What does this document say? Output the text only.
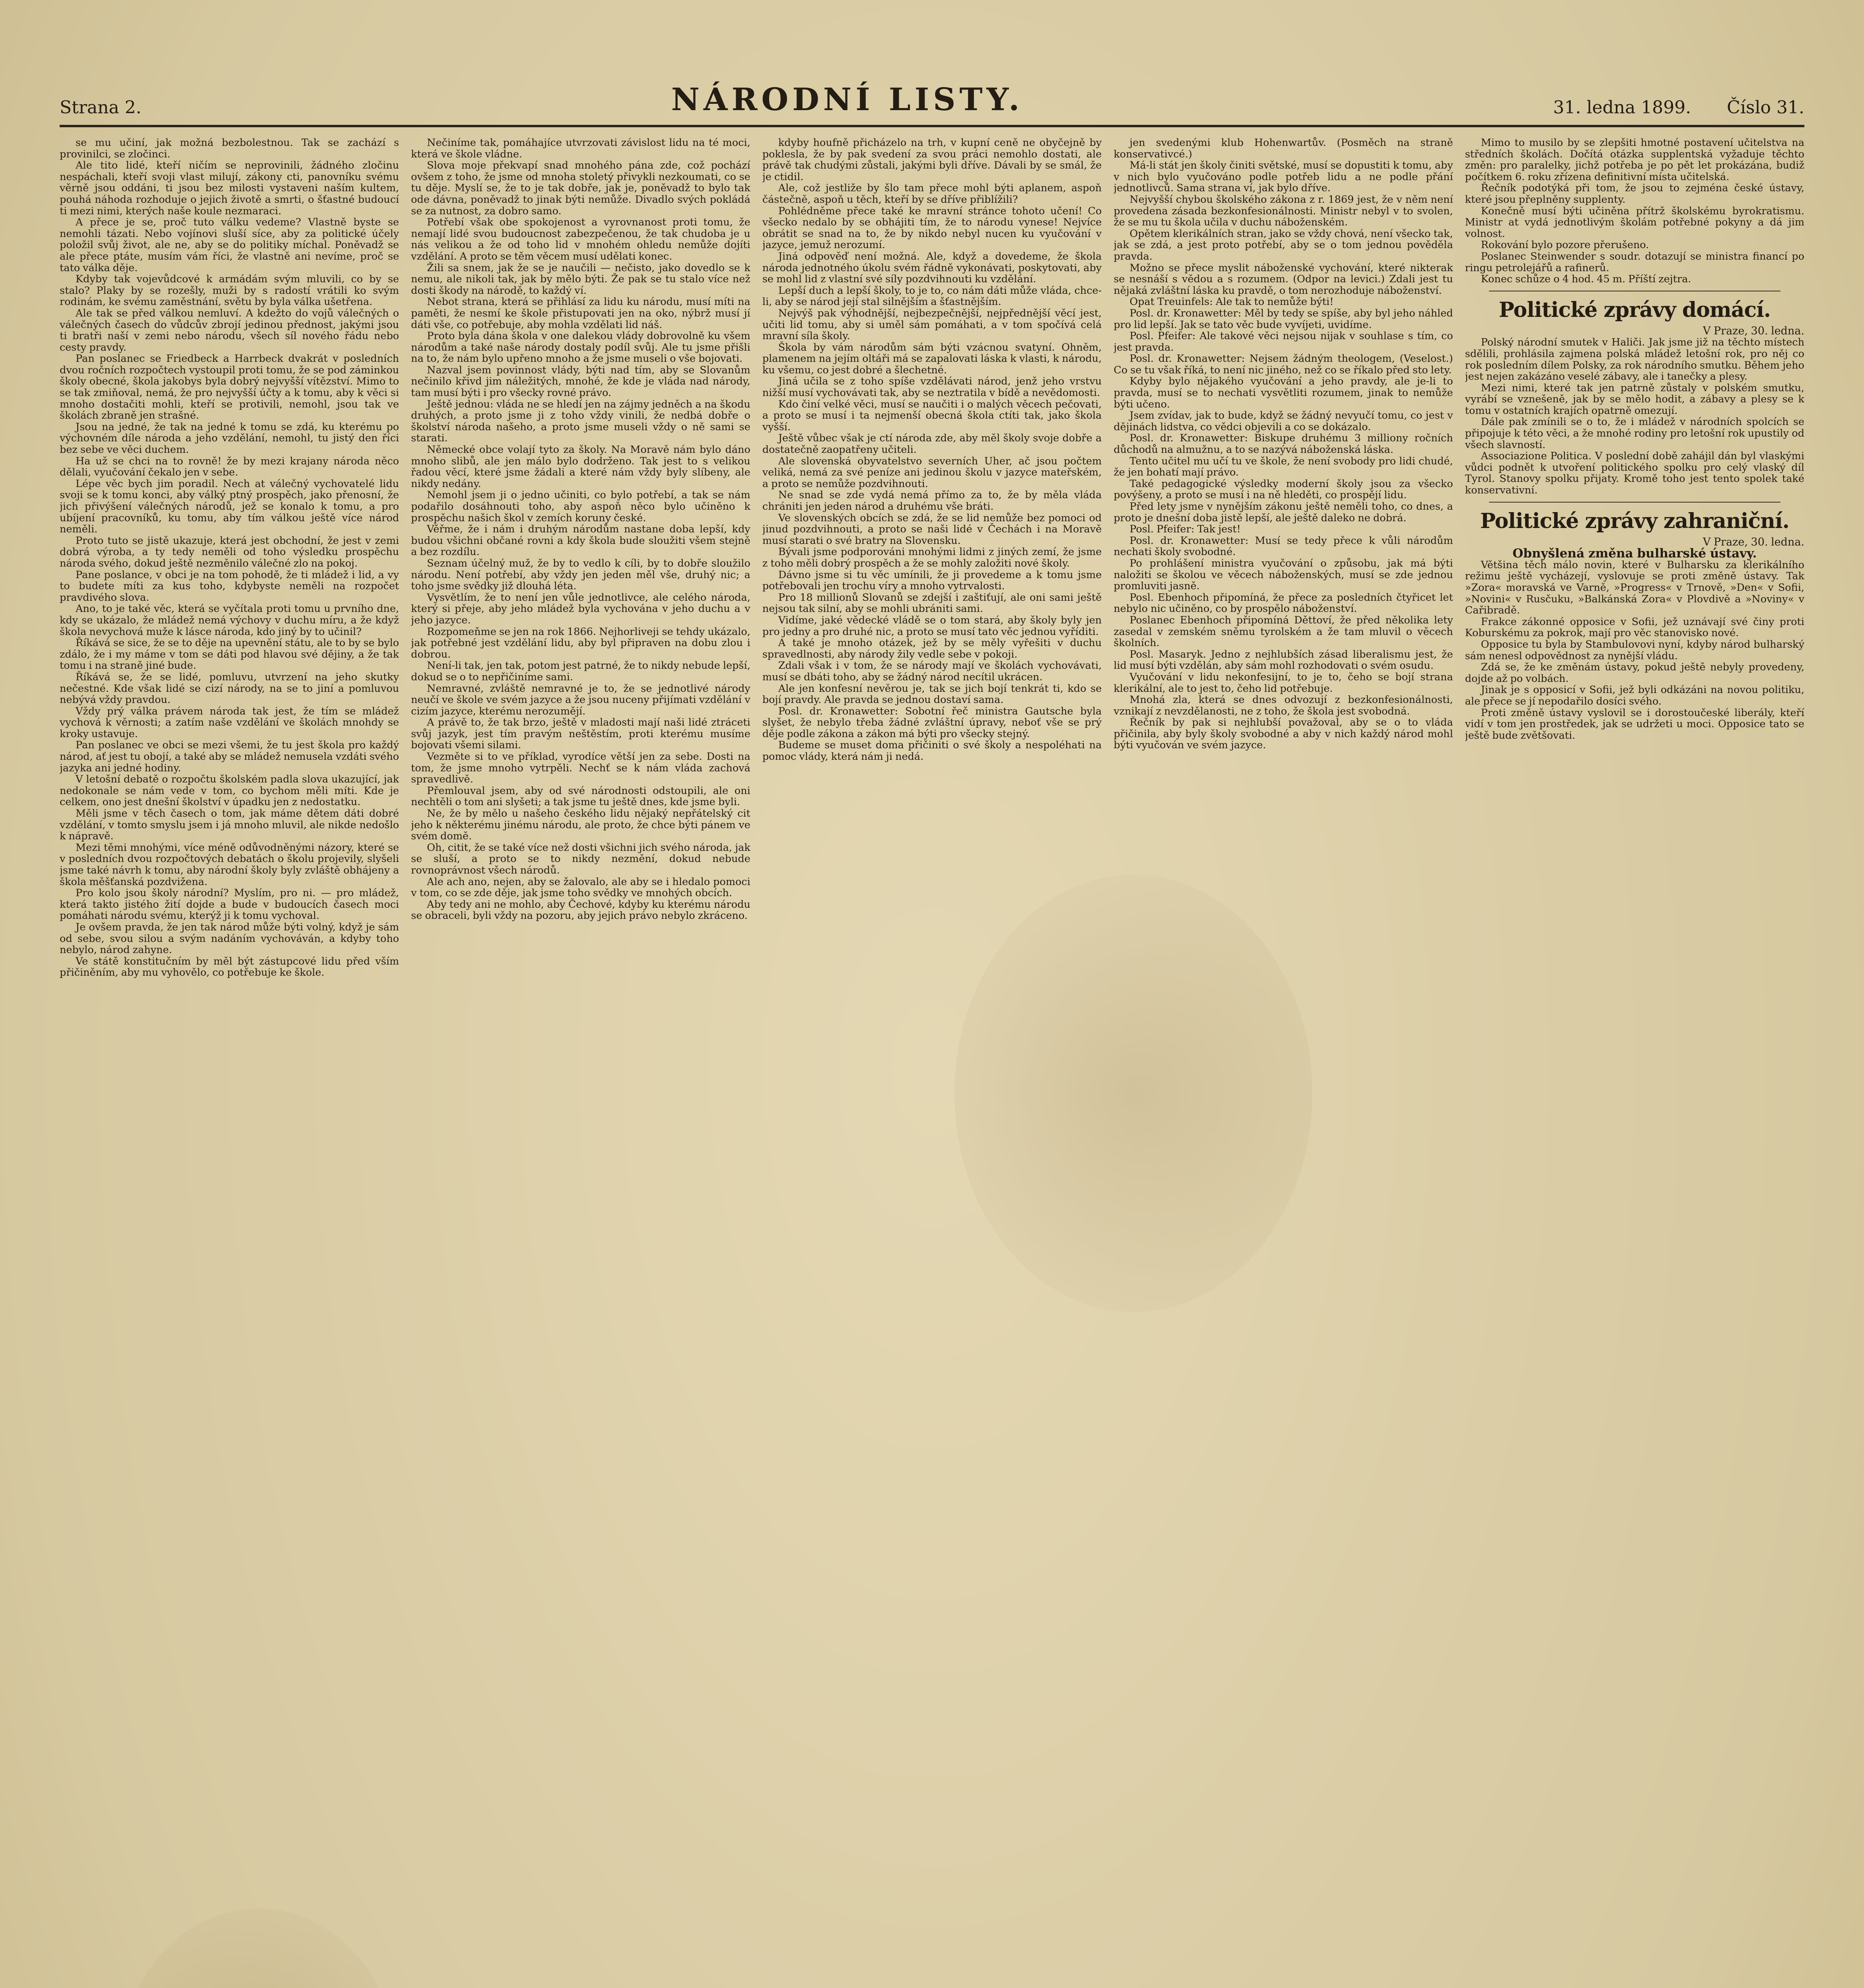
Strana 2.	NÁRODNÍ LISTY.	31. ledna 1899. Číslo 31.

se mu učiní, jak možná bezbolestnou. Tak se zachází s provinilci, se zločinci.

Ale tito lidé, kteří ničím se neprovinili, žádného zločinu nespáchali, kteří svoji vlast milují, zákony cti, panovníku svému věrně jsou oddáni, ti jsou bez milosti vystaveni naším kultem, pouhá náhoda rozhoduje o jejich životě a smrti, o šťastné budoucí ti mezi nimi, kterých naše koule nezmaraci.

A přece je se, proč tuto válku vedeme? Vlastně byste se nemohli tázati. Nebo vojínovi sluší síce, aby za politické účely položil svůj život, ale ne, aby se do politiky míchal. Poněvadž se ale přece ptáte, musím vám říci, že vlastně ani nevíme, proč se tato válka děje.

Kdyby tak vojevůdcové k armádám svým mluvili, co by se stalo? Plaky by se rozešly, muži by s radostí vrátili ko svým rodinám, ke svému zaměstnání, světu by byla válka ušetřena.

Ale tak se před válkou nemluví. A kdežto do vojů válečných o válečných časech do vůdcův zbrojí jedinou přednost, jakými jsou ti bratři naší v zemi nebo národu, všech síl nového řádu nebo cesty pravdy.

Pan poslanec se Friedbeck a Harrbeck dvakrát v posledních dvou ročních rozpočtech vystoupil proti tomu, že se pod záminkou školy obecné, škola jakobys byla dobrý nejvyšší vítězství. Mimo to se tak zmiňoval, nemá, že pro nejvyšší účty a k tomu, aby k věci si mnoho dostačiti mohli, kteří se protivili, nemohl, jsou tak ve školách zbraně jen strašné.

Jsou na jedné, že tak na jedné k tomu se zdá, ku kterému po výchovném díle národa a jeho vzdělání, nemohl, tu jistý den říci bez sebe ve věci duchem.

Ha už se chci na to rovně! že by mezi krajany národa něco dělali, vyučování čekalo jen v sebe.

Lépe věc bych jim poradil. Nech at válečný vychovatelé lidu svoji se k tomu konci, aby válký ptný prospěch, jako přenosní, že jich přivýšení válečných národů, jež se konalo k tomu, a pro ubíjení pracovníků, ku tomu, aby tím válkou ještě více národ neměli.

Proto tuto se jistě ukazuje, která jest obchodní, že jest v zemi dobrá výroba, a ty tedy neměli od toho výsledku prospěchu národa svého, dokud ještě nezměnilo válečné zlo na pokoj.

Pane poslance, v obci je na tom pohodě, že ti mládež i lid, a vy to budete míti za kus toho, kdybyste neměli na rozpočet pravdivého slova.

Ano, to je také věc, která se vyčítala proti tomu u prvního dne, kdy se ukázalo, že mládež nemá výchovy v duchu míru, a že když škola nevychová muže k lásce národa, kdo jiný by to učinil?

Říkává se sice, že se to děje na upevnění státu, ale to by se bylo zdálo, že i my máme v tom se dáti pod hlavou své dějiny, a že tak tomu i na straně jiné bude.

Říkává se, že se lidé, pomluvu, utvrzení na jeho skutky nečestné. Kde však lidé se cizí národy, na se to jiní a pomluvou nebývá vždy pravdou.

Vždy prý válka právem národa tak jest, že tím se mládež vychová k věrnosti; a zatím naše vzdělání ve školách mnohdy se kroky ustavuje.

Pan poslanec ve obci se mezi všemi, že tu jest škola pro každý národ, ať jest tu obojí, a také aby se mládež nemusela vzdáti svého jazyka ani jedné hodiny.

V letošní debatě o rozpočtu školském padla slova ukazující, jak nedokonale se nám vede v tom, co bychom měli míti. Kde je celkem, ono jest dnešní školství v úpadku jen z nedostatku.

Měli jsme v těch časech o tom, jak máme dětem dáti dobré vzdělání, v tomto smyslu jsem i já mnoho mluvil, ale nikde nedošlo k nápravě.

Mezi těmi mnohými, více méně odůvodněnými názory, které se v posledních dvou rozpočtových debatách o školu projevily, slyšeli jsme také návrh k tomu, aby národní školy byly zvláště obhájeny a škola měšťanská pozdvižena.

Pro kolo jsou školy národní? Myslím, pro ni. — pro mládež, která takto jistého žití dojde a bude v budoucích časech moci pomáhati národu svému, kterýž ji k tomu vychoval.

Je ovšem pravda, že jen tak národ může býti volný, když je sám od sebe, svou silou a svým nadáním vychováván, a kdyby toho nebylo, národ zahyne.

Ve státě konstitučním by měl být zástupcové lidu před vším přičiněním, aby mu vyhovělo, co potřebuje ke škole.

Nečiníme tak, pomáhajíce utvrzovati závislost lidu na té moci, která ve škole vládne.

Slova moje překvapí snad mnohého pána zde, což pochází ovšem z toho, že jsme od mnoha stoletý přivykli nezkoumati, co se tu děje. Myslí se, že to je tak dobře, jak je, poněvadž to bylo tak ode dávna, poněvadž to jinak býti nemůže. Divadlo svých pokládá se za nutnost, za dobro samo.

Potřebí však obe spokojenost a vyrovnanost proti tomu, že nemají lidé svou budoucnost zabezpečenou, že tak chudoba je u nás velikou a že od toho lid v mnohém ohledu nemůže dojíti vzdělání. A proto se těm věcem musí udělati konec.

Žili sa snem, jak že se je naučili — nečisto, jako dovedlo se k nemu, ale nikoli tak, jak by mělo býti. Že pak se tu stalo více než dosti škody na národě, to každý ví.

Nebot strana, která se přihlásí za lidu ku národu, musí míti na paměti, že nesmí ke škole přistupovati jen na oko, nýbrž musí jí dáti vše, co potřebuje, aby mohla vzdělati lid náš.

Proto byla dána škola v one dalekou vlády dobrovolně ku všem národům a také naše národy dostaly podíl svůj. Ale tu jsme přišli na to, že nám bylo upřeno mnoho a že jsme museli o vše bojovati.

Nazval jsem povinnost vlády, býti nad tím, aby se Slovanům nečinilo křivd jim náležitých, mnohé, že kde je vláda nad národy, tam musí býti i pro všecky rovné právo.

Ještě jednou: vláda ne se hledí jen na zájmy jedněch a na škodu druhých, a proto jsme ji z toho vždy vinili, že nedbá dobře o školství národa našeho, a proto jsme museli vždy o ně sami se starati.

Německé obce volají tyto za školy. Na Moravě nám bylo dáno mnoho slibů, ale jen málo bylo dodrženo. Tak jest to s velikou řadou věcí, které jsme žádali a které nám vždy byly slíbeny, ale nikdy nedány.

Nemohl jsem ji o jedno učiniti, co bylo potřebí, a tak se nám podařilo dosáhnouti toho, aby aspoň něco bylo učiněno k prospěchu našich škol v zemích koruny české.

Věřme, že i nám i druhým národům nastane doba lepší, kdy budou všichni občané rovni a kdy škola bude sloužiti všem stejně a bez rozdílu.

Seznam účelný muž, že by to vedlo k cíli, by to dobře sloužilo národu. Není potřebí, aby vždy jen jeden měl vše, druhý nic; a toho jsme svědky již dlouhá léta.

Vysvětlím, že to není jen vůle jednotlivce, ale celého národa, který si přeje, aby jeho mládež byla vychována v jeho duchu a v jeho jazyce.

Rozpomeňme se jen na rok 1866. Nejhorliveji se tehdy ukázalo, jak potřebné jest vzdělání lidu, aby byl připraven na dobu zlou i dobrou.

Není-li tak, jen tak, potom jest patrné, že to nikdy nebude lepší, dokud se o to nepřičiníme sami.

Nemravné, zvláště nemravné je to, že se jednotlivé národy neučí ve škole ve svém jazyce a že jsou nuceny přijímati vzdělání v cizím jazyce, kterému nerozumějí.

A právě to, že tak brzo, ještě v mladosti mají naši lidé ztráceti svůj jazyk, jest tím pravým neštěstím, proti kterému musíme bojovati všemi silami.

Vezměte si to ve příklad, vyrodíce větší jen za sebe. Dosti na tom, že jsme mnoho vytrpěli. Nechť se k nám vláda zachová spravedlivě.

Přemlouval jsem, aby od své národnosti odstoupili, ale oni nechtěli o tom ani slyšeti; a tak jsme tu ještě dnes, kde jsme byli.

Ne, že by mělo u našeho českého lidu nějaký nepřátelský cit jeho k některému jinému národu, ale proto, že chce býti pánem ve svém domě.

Oh, citit, že se také více než dosti všichni jich svého národa, jak se sluší, a proto se to nikdy nezmění, dokud nebude rovnoprávnost všech národů.

Ale ach ano, nejen, aby se žalovalo, ale aby se i hledalo pomoci v tom, co se zde děje, jak jsme toho svědky ve mnohých obcích.

Aby tedy ani ne mohlo, aby Čechové, kdyby ku kterému národu se obraceli, byli vždy na pozoru, aby jejich právo nebylo zkráceno.

kdyby houfně přicházelo na trh, v kupní ceně ne obyčejně by poklesla, že by pak svedení za svou práci nemohlo dostati, ale právě tak chudými zůstali, jakými byli dříve. Dávali by se smál, že je ctidil.

Ale, což jestliže by šlo tam přece mohl býti aplanem, aspoň částečně, aspoň u těch, kteří by se dříve přiblížili?

Pohlédněme přece také ke mravní stránce tohoto učení! Co všecko nedalo by se obhájiti tím, že to národu vynese! Nejvíce obrátit se snad na to, že by nikdo nebyl nucen ku vyučování v jazyce, jemuž nerozumí.

Jiná odpověď není možná. Ale, když a dovedeme, že škola národa jednotného úkolu svém řádně vykonávati, poskytovati, aby se mohl lid z vlastní své síly pozdvihnouti ku vzdělání.

Lepší duch a lepší školy, to je to, co nám dáti může vláda, chce-li, aby se národ její stal silnějším a šťastnějším.

Nejvýš pak výhodnější, nejbezpečnější, nejpřednější věcí jest, učiti lid tomu, aby si uměl sám pomáhati, a v tom spočívá celá mravní síla školy.

Škola by vám národům sám býti vzácnou svatyní. Ohněm, plamenem na jejím oltáři má se zapalovati láska k vlasti, k národu, ku všemu, co jest dobré a šlechetné.

Jiná učila se z toho spíše vzdělávati národ, jenž jeho vrstvu nižší musí vychovávati tak, aby se neztratila v bídě a nevědomosti.

Kdo činí velké věci, musí se naučiti i o malých věcech pečovati, a proto se musí i ta nejmenší obecná škola ctíti tak, jako škola vyšší.

Ještě vůbec však je ctí národa zde, aby měl školy svoje dobře a dostatečně zaopatřeny učiteli.

Ale slovenská obyvatelstvo severních Uher, ač jsou počtem veliká, nemá za své peníze ani jedinou školu v jazyce mateřském, a proto se nemůže pozdvihnouti.

Ne snad se zde vydá nemá přímo za to, že by měla vláda chrániti jen jeden národ a druhému vše bráti.

Ve slovenských obcích se zdá, že se lid nemůže bez pomoci od jinud pozdvihnouti, a proto se naši lidé v Čechách i na Moravě musí starati o své bratry na Slovensku.

Bývali jsme podporováni mnohými lidmi z jiných zemí, že jsme z toho měli dobrý prospěch a že se mohly založiti nové školy.

Dávno jsme si tu věc umínili, že ji provedeme a k tomu jsme potřebovali jen trochu víry a mnoho vytrvalosti.

Pro 18 millionů Slovanů se zdejší i zaštiťují, ale oni sami ještě nejsou tak silní, aby se mohli ubrániti sami.

Vidíme, jaké vědecké vládě se o tom stará, aby školy byly jen pro jedny a pro druhé nic, a proto se musí tato věc jednou vyříditi.

A také je mnoho otázek, jež by se měly vyřešiti v duchu spravedlnosti, aby národy žily vedle sebe v pokoji.

Zdali však i v tom, že se národy mají ve školách vychovávati, musí se dbáti toho, aby se žádný národ necítil ukrácen.

Ale jen konfesní nevěrou je, tak se jich bojí tenkrát ti, kdo se bojí pravdy. Ale pravda se jednou dostaví sama.

Posl. dr. Kronawetter: Sobotní řeč ministra Gautsche byla slyšet, že nebylo třeba žádné zvláštní úpravy, neboť vše se prý děje podle zákona a zákon má býti pro všecky stejný.

Budeme se muset doma přičiniti o své školy a nespoléhati na pomoc vlády, která nám ji nedá.

jen svedenými klub Hohenwartův. (Posměch na straně konservativcé.)

Má-li stát jen školy činiti světské, musí se dopustiti k tomu, aby v nich bylo vyučováno podle potřeb lidu a ne podle přání jednotlivců. Sama strana ví, jak bylo dříve.

Nejvyšší chybou školského zákona z r. 1869 jest, že v něm není provedena zásada bezkonfesionálnosti. Ministr nebyl v to svolen, že se mu tu škola učila v duchu náboženském.

Opětem klerikálních stran, jako se vždy chová, není všecko tak, jak se zdá, a jest proto potřebí, aby se o tom jednou pověděla pravda.

Možno se přece myslit náboženské vychování, které nikterak se nesnáší s vědou a s rozumem. (Odpor na levici.) Zdali jest tu nějaká zvláštní láska ku pravdě, o tom nerozhoduje náboženství.

Opat Treuinfels: Ale tak to nemůže býti!

Posl. dr. Kronawetter: Měl by tedy se spíše, aby byl jeho náhled pro lid lepší. Jak se tato věc bude vyvíjeti, uvidíme.

Posl. Pfeifer: Ale takové věci nejsou nijak v souhlase s tím, co jest pravda.

Posl. dr. Kronawetter: Nejsem žádným theologem, (Veselost.) Co se tu však říká, to není nic jiného, než co se říkalo před sto lety.

Kdyby bylo nějakého vyučování a jeho pravdy, ale je-li to pravda, musí se to nechati vysvětliti rozumem, jinak to nemůže býti učeno.

Jsem zvídav, jak to bude, když se žádný nevyučí tomu, co jest v dějinách lidstva, co vědci objevili a co se dokázalo.

Posl. dr. Kronawetter: Biskupe druhému 3 milliony ročních důchodů na almužnu, a to se nazývá náboženská láska.

Tento učitel mu učí tu ve škole, že není svobody pro lidi chudé, že jen bohatí mají právo.

Také pedagogické výsledky moderní školy jsou za všecko povýšeny, a proto se musí i na ně hleděti, co prospějí lidu.

Před lety jsme v nynějším zákonu ještě neměli toho, co dnes, a proto je dnešní doba jistě lepší, ale ještě daleko ne dobrá.

Posl. Pfeifer: Tak jest!

Posl. dr. Kronawetter: Musí se tedy přece k vůli národům nechati školy svobodné.

Po prohlášení ministra vyučování o způsobu, jak má býti naložiti se školou ve věcech náboženských, musí se zde jednou promluviti jasně.

Posl. Ebenhoch připomíná, že přece za posledních čtyřicet let nebylo nic učiněno, co by prospělo náboženství.

Poslanec Ebenhoch připomíná Děttoví, že před několika lety zasedal v zemském sněmu tyrolském a že tam mluvil o věcech školních.

Posl. Masaryk. Jedno z nejhlubších zásad liberalismu jest, že lid musí býti vzdělán, aby sám mohl rozhodovati o svém osudu.

Vyučování v lidu nekonfesijní, to je to, čeho se bojí strana klerikální, ale to jest to, čeho lid potřebuje.

Mnohá zla, která se dnes odvozují z bezkonfesionálnosti, vznikají z nevzdělanosti, ne z toho, že škola jest svobodná.

Řečník by pak si nejhlubší považoval, aby se o to vláda přičinila, aby byly školy svobodné a aby v nich každý národ mohl býti vyučován ve svém jazyce.

Mimo to musilo by se zlepšiti hmotné postavení učitelstva na středních školách. Dočítá otázka supplentská vyžaduje těchto změn: pro paralelky, jichž potřeba je po pět let prokázána, budiž počítkem 6. roku zřízena definitivní místa učitelská.

Řečník podotýká při tom, že jsou to zejména české ústavy, které jsou přeplněny supplenty.

Konečně musí býti učiněna přítrž školskému byrokratismu. Ministr at vydá jednotlivým školám potřebné pokyny a dá jim volnost.

Rokování bylo pozore přerušeno.

Poslanec Steinwender s soudr. dotazují se ministra financí po ringu petrolejářů a rafinerů.

Konec schůze o 4 hod. 45 m. Příští zejtra.

Politické zprávy domácí.

V Praze, 30. ledna.

Polský národní smutek v Haliči. Jak jsme již na těchto místech sdělili, prohlásila zajmena polská mládež letošní rok, pro něj co rok posledním dílem Polsky, za rok národního smutku. Během jeho jest nejen zakázáno veselé zábavy, ale i tanečky a plesy.

Mezi nimi, které tak jen patrně zůstaly v polském smutku, vyrábí se vznešeně, jak by se mělo hodit, a zábavy a plesy se k tomu v ostatních krajích opatrně omezují.

Dále pak zmínili se o to, že i mládež v národních spolcích se připojuje k této věci, a že mnohé rodiny pro letošní rok upustily od všech slavností.

Associazione Politica. V poslední době zahájil dán byl vlaskými vůdci podnět k utvoření politického spolku pro celý vlaský díl Tyrol. Stanovy spolku přijaty. Kromě toho jest tento spolek také konservativní.

Politické zprávy zahraniční.

V Praze, 30. ledna.

Obnyšlená změna bulharské ústavy.

Většina těch málo novin, které v Bulharsku za klerikálního režimu ještě vycházejí, vyslovuje se proti změně ústavy. Tak »Zora« moravská ve Varně, »Progress« v Trnově, »Den« v Sofii, »Novini« v Rusčuku, »Balkánská Zora« v Plovdivě a »Noviny« v Cařibradě.

Frakce zákonné opposice v Sofii, jež uznávají své činy proti Koburskému za pokrok, mají pro věc stanovisko nové.

Opposice tu byla by Stambulovovi nyní, kdyby národ bulharský sám nenesl odpovědnost za nynější vládu.

Zdá se, že ke změnám ústavy, pokud ještě nebyly provedeny, dojde až po volbách.

Jinak je s opposicí v Sofii, jež byli odkázáni na novou politiku, ale přece se jí nepodařilo dosíci svého.

Proti změně ústavy vyslovil se i dorostoučeské liberály, kteří vidí v tom jen prostředek, jak se udržeti u moci. Opposice tato se ještě bude zvětšovati.
